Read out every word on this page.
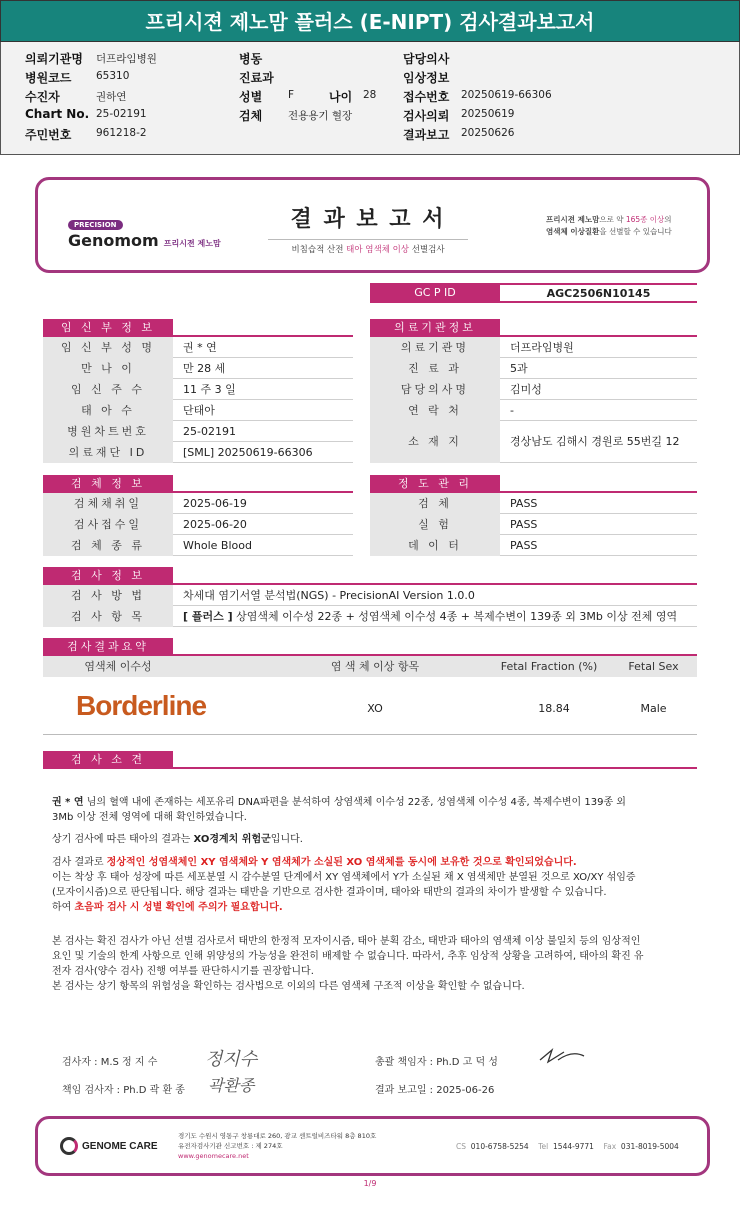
프리시젼 제노맘 플러스 (E-NIPT) 검사결과보고서
의뢰기관명 더프라임병원
병원코드 65310
수진자	권하연
Chart No. 25-02191
주민번호 961218-2
병동
진료과
성별 F
검체 전용용기 혈장
나이 28
담당의사
임상정보
접수번호 20250619-66306
검사의뢰 20250619
결과보고 20250626
PRECISION
Genomom 프리시젼 제노맘
결 과 보 고 서
비침습적 산전 태아 염색체 이상 선별검사
프리시젼 제노맘으로 약 165종 이상의
염색체 이상질환을 선별할 수 있습니다
GC P ID	AGC2506N10145
임 신 부 정 보
임 신 부 성 명	권 * 연
만 나 이	만 28 세
임 신 주 수	11 주 3 일
태 아 수	단태아
병원차트번호	25-02191
의료재단 ID	[SML] 20250619-66306
의료기관정보
의료기관명	더프라임병원
진 료 과	5과
담당의사명	김미성
연 락 처	-
소 재 지	경상남도 김해시 경원로 55번길 12
검 체 정 보
검체채취일	2025-06-19
검사접수일	2025-06-20
검 체 종 류	Whole Blood
정 도 관 리
검 체	PASS
실 험	PASS
데 이 터	PASS
검 사 정 보
검 사 방 법	차세대 염기서열 분석법(NGS) - PrecisionAI Version 1.0.0
검 사 항 목	[ 플러스 ] 상염색체 이수성 22종 + 성염색체 이수성 4종 + 복제수변이 139종 외 3Mb 이상 전체 영역
검사결과요약
염색체 이수성	염 색 체 이상 항목	Fetal Fraction (%)	Fetal Sex
Borderline	XO	18.84	Male
검 사 소 견
권 * 연 님의 혈액 내에 존재하는 세포유리 DNA파편을 분석하여 상염색체 이수성 22종, 성염색체 이수성 4종, 복제수변이 139종 외
3Mb 이상 전체 영역에 대해 확인하였습니다.
상기 검사에 따른 태아의 결과는 XO경계치 위험군입니다.
검사 결과로 정상적인 성염색체인 XY 염색체와 Y 염색체가 소실된 XO 염색체를 동시에 보유한 것으로 확인되었습니다.
이는 착상 후 태아 성장에 따른 세포분열 시 감수분열 단계에서 XY 염색체에서 Y가 소실된 채 X 염색체만 분열된 것으로 XO/XY 섞임증
(모자이시즘)으로 판단됩니다. 해당 결과는 태반을 기반으로 검사한 결과이며, 태아와 태반의 결과의 차이가 발생할 수 있습니다.
하여 초음파 검사 시 성별 확인에 주의가 필요합니다.
본 검사는 확진 검사가 아닌 선별 검사로서 태반의 한정적 모자이시즘, 태아 분획 감소, 태반과 태아의 염색체 이상 불일치 등의 임상적인
요인 및 기술의 한계 사항으로 인해 위양성의 가능성을 완전히 배제할 수 없습니다. 따라서, 추후 임상적 상황을 고려하여, 태아의 확진 유
전자 검사(양수 검사) 진행 여부를 판단하시기를 권장합니다.
본 검사는 상기 항목의 위험성을 확인하는 검사법으로 이외의 다른 염색체 구조적 이상을 확인할 수 없습니다.
검사자 : M.S 정 지 수	정지수	총괄 책임자 : Ph.D 고 덕 성
책임 검사자 : Ph.D 곽 환 종 곽환종	결과 보고일 : 2025-06-26
GENOME CARE
경기도 수원시 영통구 창룡대로 260, 광교 센트럴비즈타워 8층 810호
유전자검사기관 신고번호 : 제 274호
www.genomecare.net
CS 010-6758-5254 Tel 1544-9771 Fax 031-8019-5004
1/9
